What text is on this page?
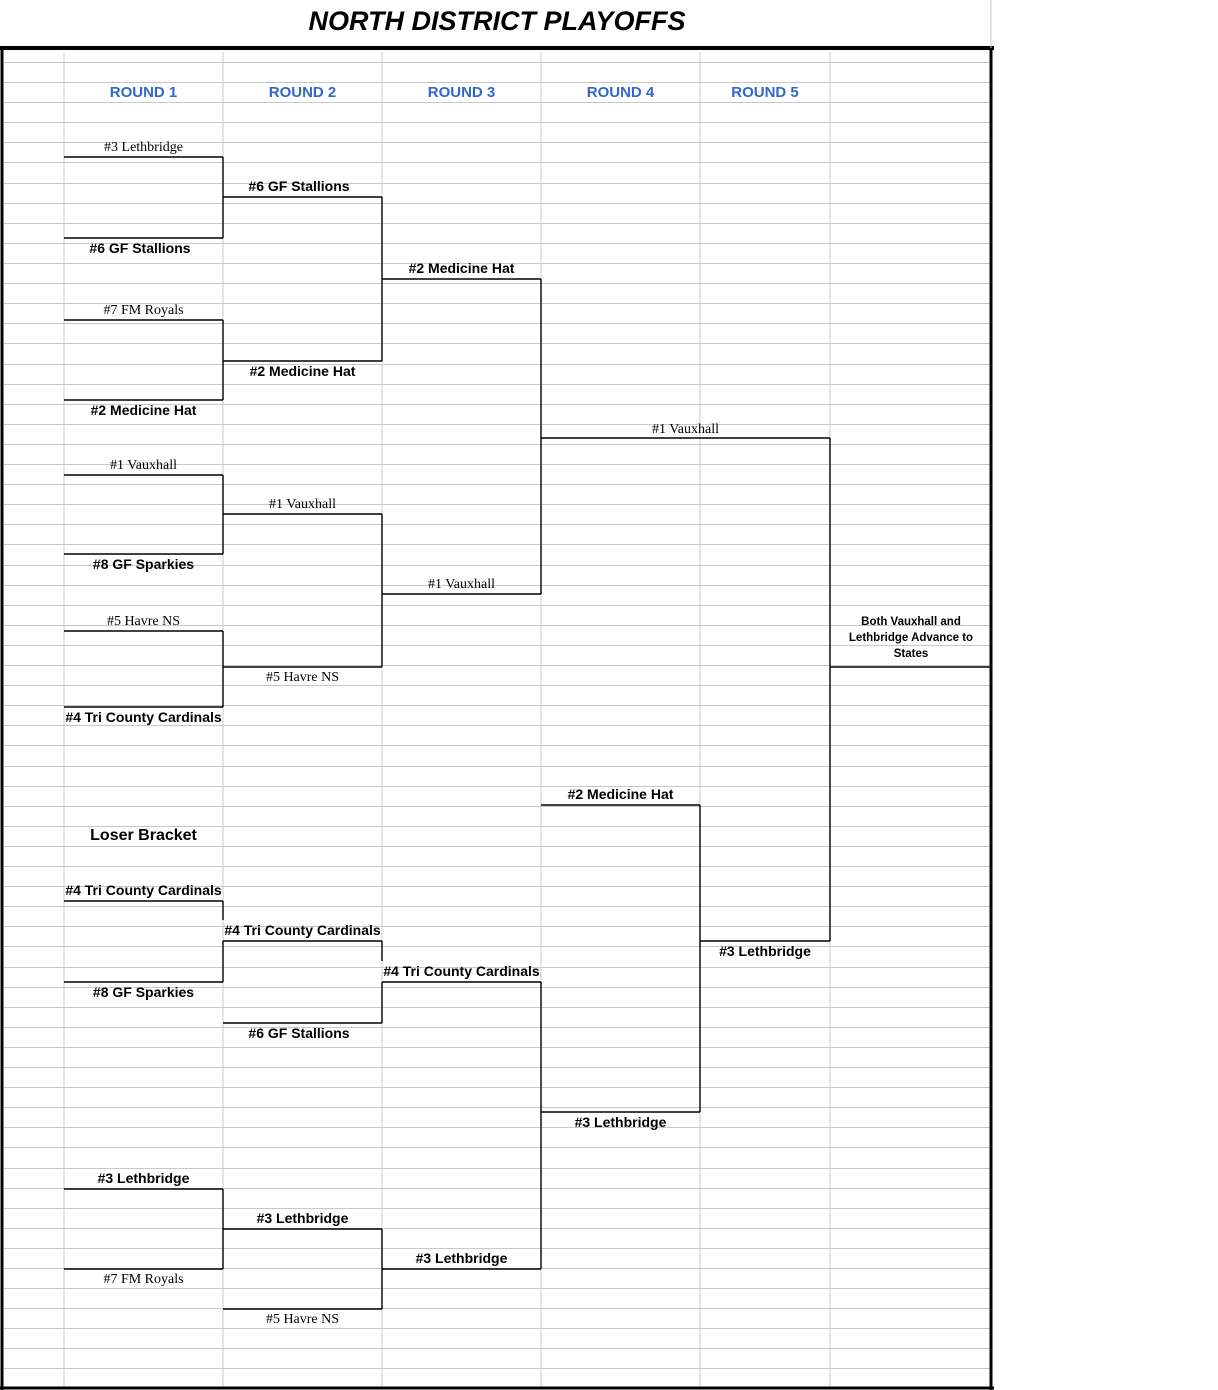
NORTH DISTRICT PLAYOFFS
ROUND 1	ROUND 2	ROUND 3	ROUND 4	ROUND 5
#3 Lethbridge
#6 GF Stallions
#7 FM Royals
#2 Medicine Hat
#1 Vauxhall
#8 GF Sparkies
#5 Havre NS
#4 Tri County Cardinals
#6 GF Stallions
#2 Medicine Hat
#1 Vauxhall
#5 Havre NS
#2 Medicine Hat
#1 Vauxhall
#1 Vauxhall
Loser Bracket
#4 Tri County Cardinals
#8 GF Sparkies
#3 Lethbridge
#7 FM Royals
#4 Tri County Cardinals
#6 GF Stallions
#3 Lethbridge
#5 Havre NS
#4 Tri County Cardinals
#3 Lethbridge
#2 Medicine Hat
#3 Lethbridge
#3 Lethbridge
Both Vauxhall and Lethbridge Advance to States
